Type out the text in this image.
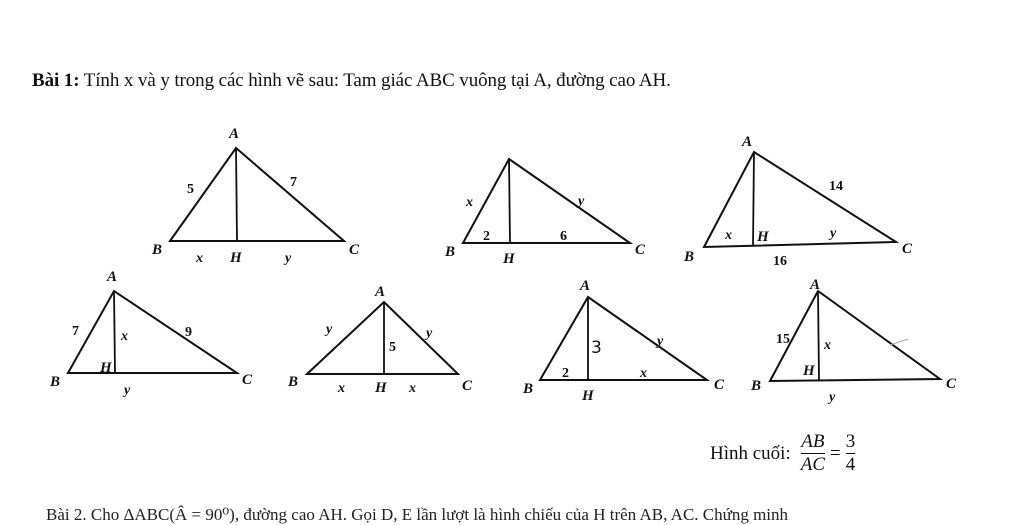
Bài 1: Tính x và y trong các hình vẽ sau: Tam giác ABC vuông tại A, đường cao AH.
A
B	C
H
5	7
x	y	B	C
H
x	y
2	6
A
B	C
H
x	y
14
16
A
B	C
H
7	x	9
y
A
B	C
H
y	y
5
x	x
A
B	C
H
3	y
2	x
A
B	C
H
15 x
y
Hình cuối: $\frac{AB}{AC} = \frac{3}{4}$
Bài 2. Cho ΔABC(Â = 90⁰), đường cao AH. Gọi D, E lần lượt là hình chiếu của H trên AB, AC. Chứng minh
